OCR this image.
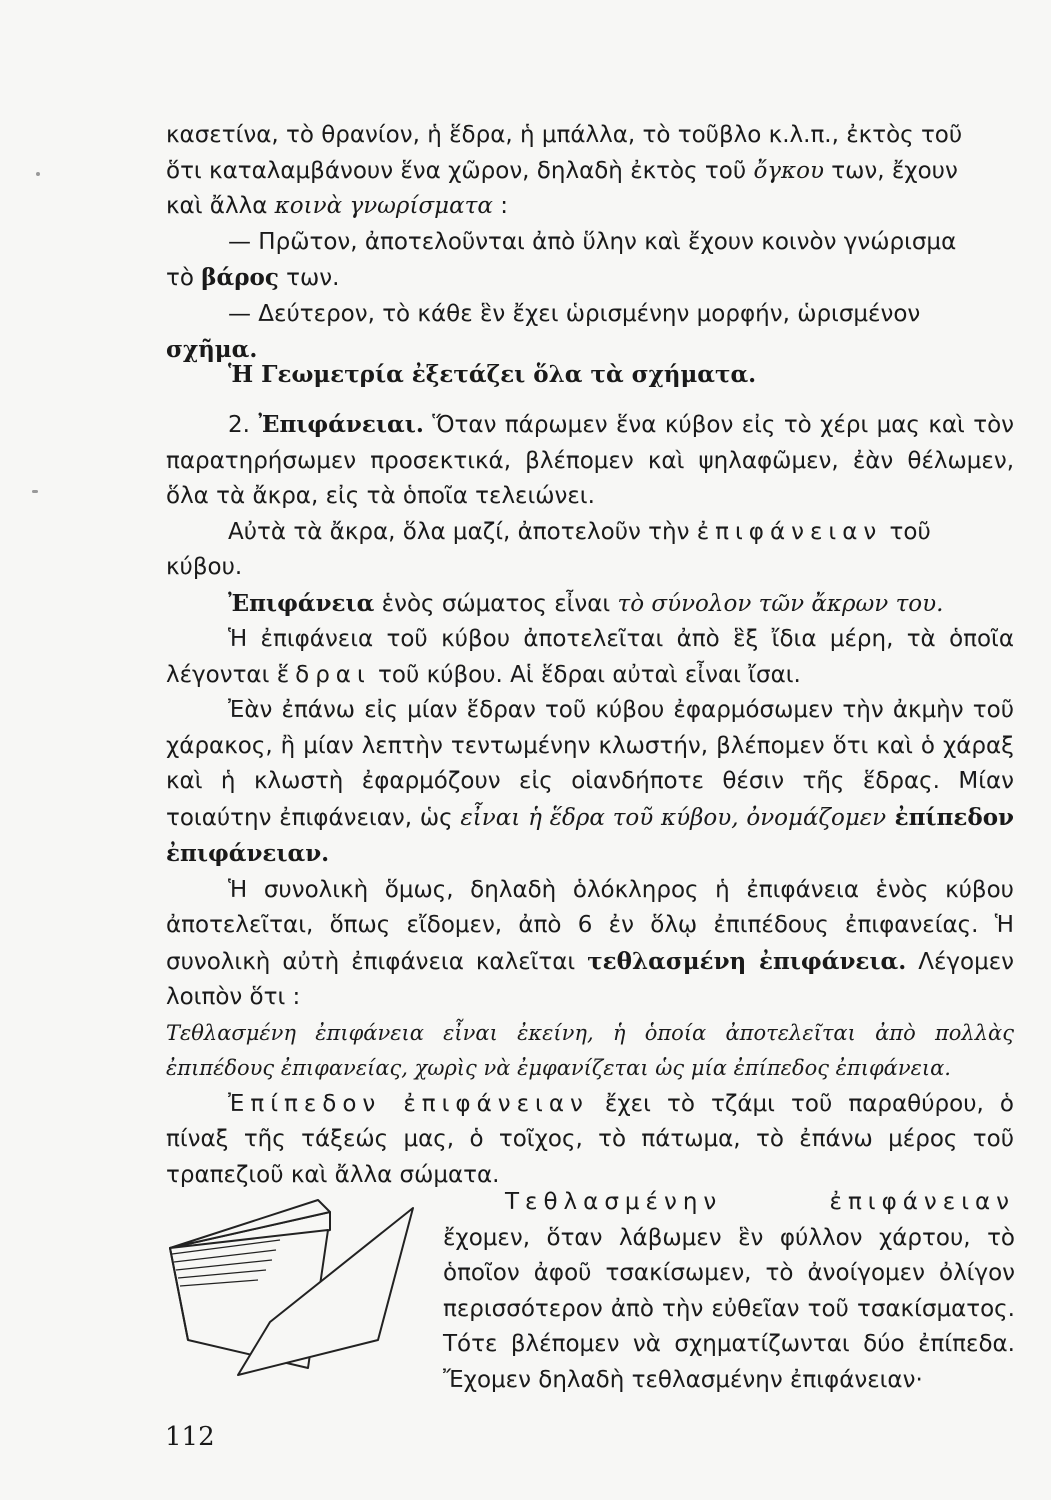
κασετίνα, τὸ θρανίον, ἡ ἕδρα, ἡ μπάλλα, τὸ τοῦβλο κ.λ.π., ἐκτὸς τοῦ

ὅτι καταλαμβάνουν ἕνα χῶρον, δηλαδὴ ἐκτὸς τοῦ ὄγκου των, ἔχουν

καὶ ἄλλα κοινὰ γνωρίσματα :

— Πρῶτον, ἀποτελοῦνται ἀπὸ ὕλην καὶ ἔχουν κοινὸν γνώρισμα

τὸ βάρος των.

— Δεύτερον, τὸ κάθε ἓν ἔχει ὡρισμένην μορφήν, ὡρισμένον σχῆμα.

Ἡ Γεωμετρία ἐξετάζει ὅλα τὰ σχήματα.

2. Ἐπιφάνειαι. Ὅταν πάρωμεν ἕνα κύβον εἰς τὸ χέρι μας καὶ τὸν παρατηρήσωμεν προσεκτικά, βλέπομεν καὶ ψηλαφῶμεν, ἐὰν θέλωμεν, ὅλα τὰ ἄκρα, εἰς τὰ ὁποῖα τελειώνει.

Αὐτὰ τὰ ἄκρα, ὅλα μαζί, ἀποτελοῦν τὴν ἐπιφάνειαν τοῦ κύβου.

Ἐπιφάνεια ἑνὸς σώματος εἶναι τὸ σύνολον τῶν ἄκρων του.

Ἡ ἐπιφάνεια τοῦ κύβου ἀποτελεῖται ἀπὸ ἓξ ἴδια μέρη, τὰ ὁποῖα λέγονται ἕδραι τοῦ κύβου. Αἱ ἕδραι αὐταὶ εἶναι ἴσαι.

Ἐὰν ἐπάνω εἰς μίαν ἕδραν τοῦ κύβου ἐφαρμόσωμεν τὴν ἀκμὴν τοῦ χάρακος, ἢ μίαν λεπτὴν τεντωμένην κλωστήν, βλέπομεν ὅτι καὶ ὁ χάραξ καὶ ἡ κλωστὴ ἐφαρμόζουν εἰς οἱανδήποτε θέσιν τῆς ἕδρας. Μίαν τοιαύτην ἐπιφάνειαν, ὡς εἶναι ἡ ἕδρα τοῦ κύβου, ὀνομάζομεν ἐπίπεδον ἐπιφάνειαν.

Ἡ συνολικὴ ὅμως, δηλαδὴ ὁλόκληρος ἡ ἐπιφάνεια ἑνὸς κύβου ἀποτελεῖται, ὅπως εἴδομεν, ἀπὸ 6 ἐν ὅλῳ ἐπιπέδους ἐπιφανείας. Ἡ συνολικὴ αὐτὴ ἐπιφάνεια καλεῖται τεθλασμένη ἐπιφάνεια. Λέγομεν λοιπὸν ὅτι :

Τεθλασμένη ἐπιφάνεια εἶναι ἐκείνη, ἡ ὁποία ἀποτελεῖται ἀπὸ πολλὰς ἐπιπέδους ἐπιφανείας, χωρὶς νὰ ἐμφανίζεται ὡς μία ἐπίπεδος ἐπιφάνεια.

Ἐπίπεδον ἐπιφάνειαν ἔχει τὸ τζάμι τοῦ παραθύρου, ὁ πίναξ τῆς τάξεώς μας, ὁ τοῖχος, τὸ πάτωμα, τὸ ἐπάνω μέρος τοῦ τραπεζιοῦ καὶ ἄλλα σώματα.

Τεθλασμένην ἐπιφάνειαν ἔχομεν, ὅταν λάβωμεν ἓν φύλλον χάρτου, τὸ ὁποῖον ἀφοῦ τσακίσωμεν, τὸ ἀνοίγομεν ὀλίγον περισσότερον ἀπὸ τὴν εὐθεῖαν τοῦ τσακίσματος. Τότε βλέπομεν νὰ σχηματίζωνται δύο ἐπίπεδα. Ἔχομεν δηλαδὴ τεθλασμένην ἐπιφάνειαν·

112
